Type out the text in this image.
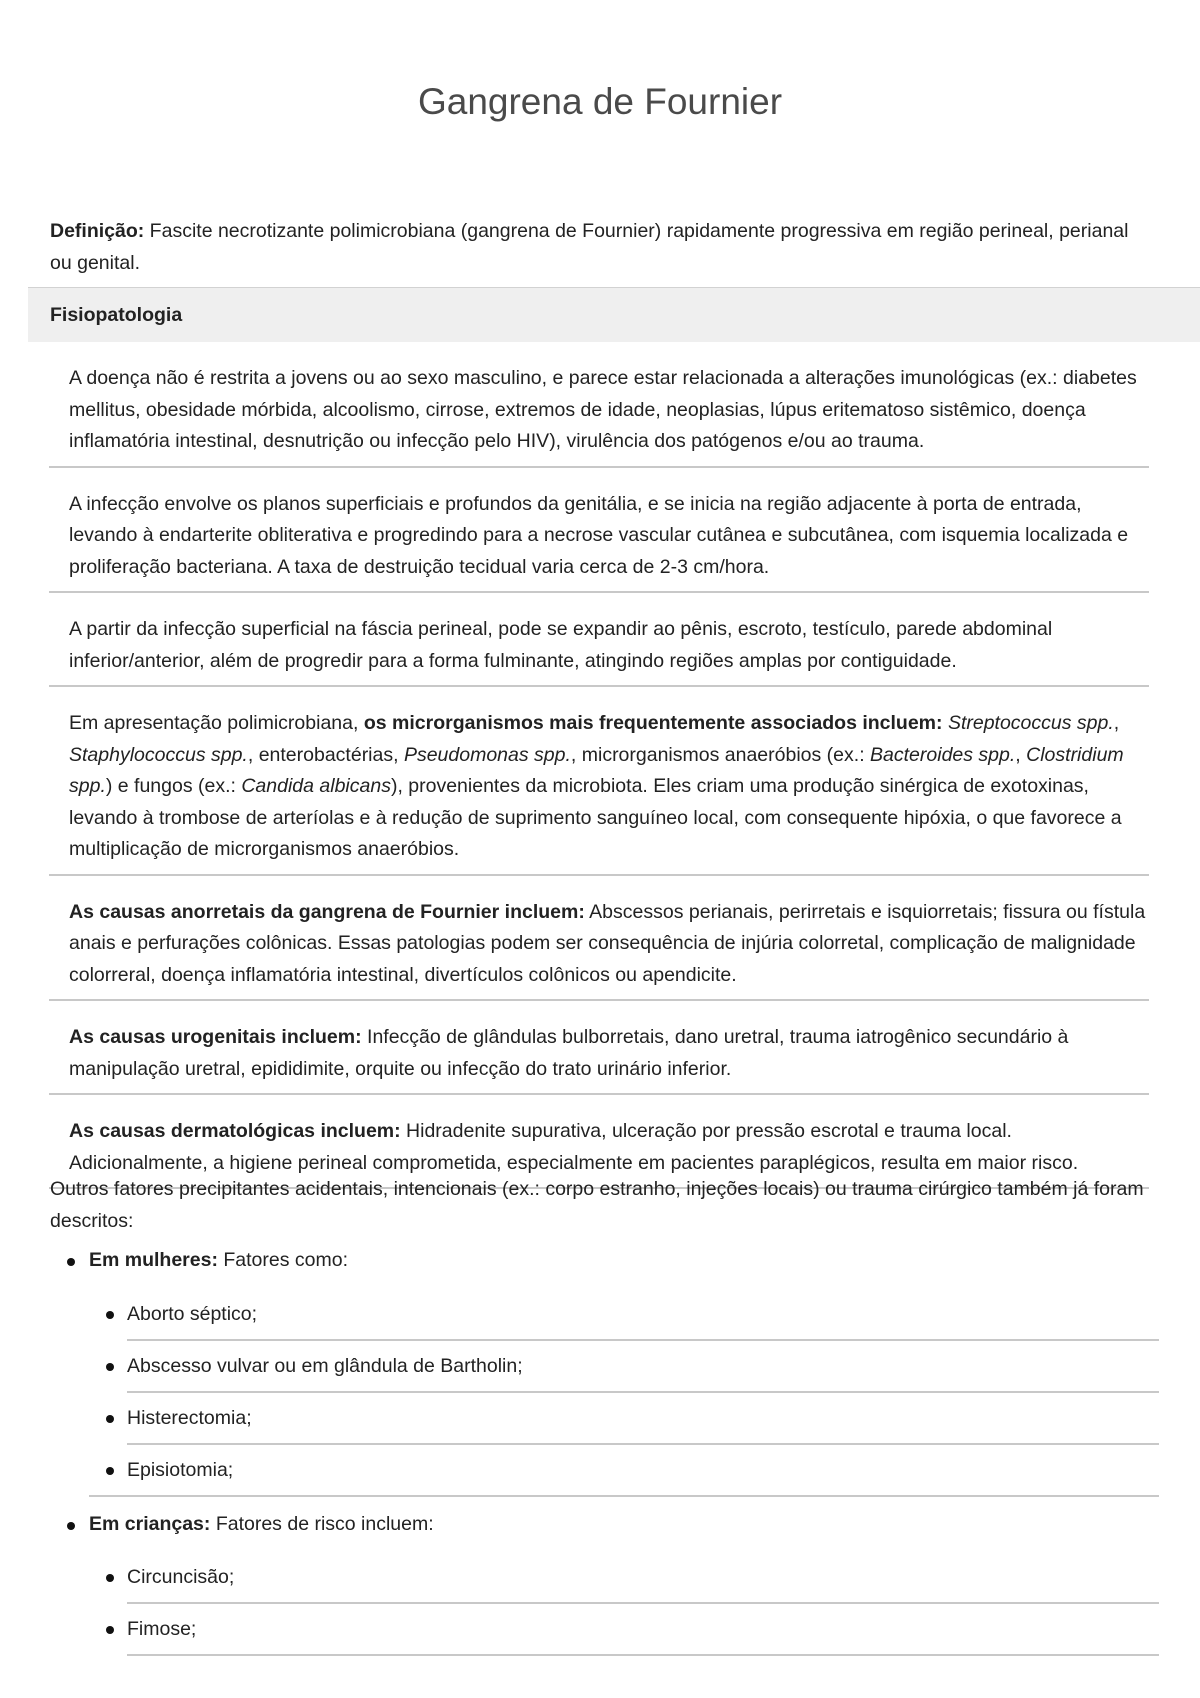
Gangrena de Fournier

Definição: Fascite necrotizante polimicrobiana (gangrena de Fournier) rapidamente progressiva em região perineal, perianal ou genital.

Fisiopatologia

A doença não é restrita a jovens ou ao sexo masculino, e parece estar relacionada a alterações imunológicas (ex.: diabetes mellitus, obesidade mórbida, alcoolismo, cirrose, extremos de idade, neoplasias, lúpus eritematoso sistêmico, doença inflamatória intestinal, desnutrição ou infecção pelo HIV), virulência dos patógenos e/ou ao trauma.

A infecção envolve os planos superficiais e profundos da genitália, e se inicia na região adjacente à porta de entrada, levando à endarterite obliterativa e progredindo para a necrose vascular cutânea e subcutânea, com isquemia localizada e proliferação bacteriana. A taxa de destruição tecidual varia cerca de 2-3 cm/hora.

A partir da infecção superficial na fáscia perineal, pode se expandir ao pênis, escroto, testículo, parede abdominal inferior/anterior, além de progredir para a forma fulminante, atingindo regiões amplas por contiguidade.

Em apresentação polimicrobiana, os microrganismos mais frequentemente associados incluem: Streptococcus spp., Staphylococcus spp., enterobactérias, Pseudomonas spp., microrganismos anaeróbios (ex.: Bacteroides spp., Clostridium spp.) e fungos (ex.: Candida albicans), provenientes da microbiota. Eles criam uma produção sinérgica de exotoxinas, levando à trombose de arteríolas e à redução de suprimento sanguíneo local, com consequente hipóxia, o que favorece a multiplicação de microrganismos anaeróbios.

As causas anorretais da gangrena de Fournier incluem: Abscessos perianais, perirretais e isquiorretais; fissura ou fístula anais e perfurações colônicas. Essas patologias podem ser consequência de injúria colorretal, complicação de malignidade colorreral, doença inflamatória intestinal, divertículos colônicos ou apendicite.

As causas urogenitais incluem: Infecção de glândulas bulborretais, dano uretral, trauma iatrogênico secundário à manipulação uretral, epididimite, orquite ou infecção do trato urinário inferior.

As causas dermatológicas incluem: Hidradenite supurativa, ulceração por pressão escrotal e trauma local. Adicionalmente, a higiene perineal comprometida, especialmente em pacientes paraplégicos, resulta em maior risco.

Outros fatores precipitantes acidentais, intencionais (ex.: corpo estranho, injeções locais) ou trauma cirúrgico também já foram descritos:

Em mulheres: Fatores como:
Aborto séptico;
Abscesso vulvar ou em glândula de Bartholin;
Histerectomia;
Episiotomia;
Em crianças: Fatores de risco incluem:
Circuncisão;
Fimose;
